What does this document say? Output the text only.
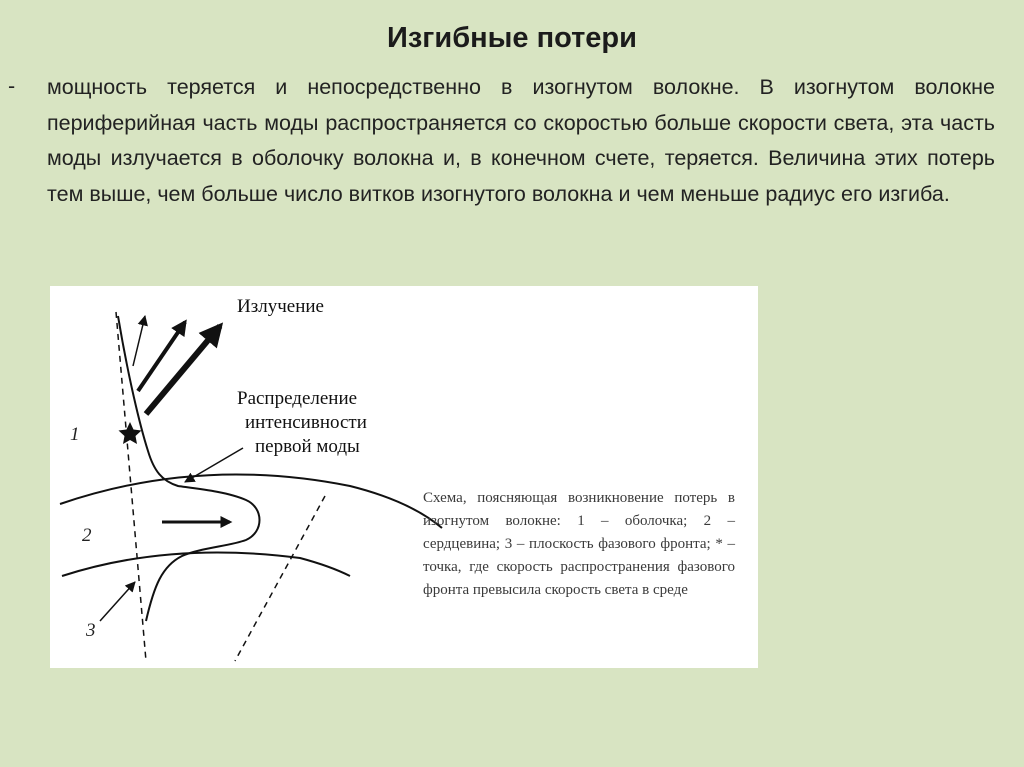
Изгибные потери
- мощность теряется и непосредственно в изогнутом волокне. В изогнутом волокне периферийная часть моды распространяется со скоростью больше скорости света, эта часть моды излучается в оболочку волокна и, в конечном счете, теряется. Величина этих потерь тем выше, чем больше число витков изогнутого волокна и чем меньше радиус его изгиба.

Излучение
Распределение
интенсивности
первой моды
1
2
3

Схема, поясняющая возникновение потерь в изогнутом волокне: 1 – оболочка; 2 – сердцевина; 3 – плоскость фазового фронта; * – точка, где скорость распространения фазового фронта превысила скорость света в среде
